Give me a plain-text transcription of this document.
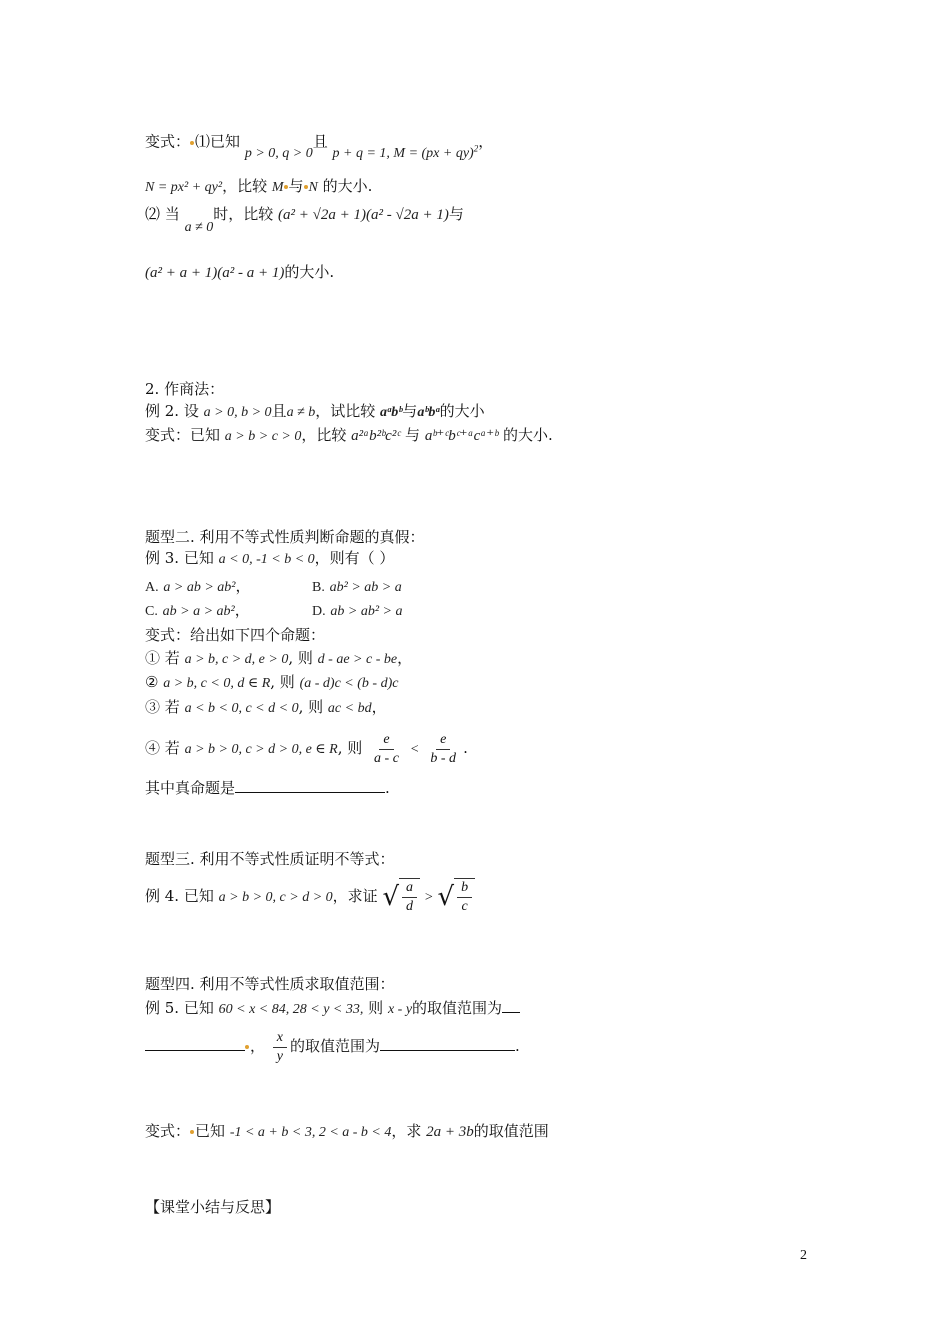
变式： ⑴已知 p > 0, q > 0且 p + q = 1, M = (px + qy)$^2$，
N = px² + qy²，比较 M 与 N 的大小.
⑵ 当 a ≠ 0时，比较 (a² + √2a + 1)(a² - √2a + 1)与
(a² + a + 1)(a² - a + 1)的大小.
2. 作商法：
例 2. 设 a > 0, b > 0且a ≠ b，试比较 aᵃbᵇ与aᵇbᵃ的大小
变式：已知 a > b > c > 0，比较 a²ᵃb²ᵇc²ᶜ 与 aᵇ⁺ᶜbᶜ⁺ᵃcᵃ⁺ᵇ 的大小.
题型二. 利用不等式性质判断命题的真假：
例 3. 已知 a < 0, -1 < b < 0，则有（ ）
A. a > ab > ab²，	B. ab² > ab > a
C. ab > a > ab²，	D. ab > ab² > a
变式：给出如下四个命题：
① 若 a > b, c > d, e > 0, 则 d - ae > c - be，
② a > b, c < 0, d ∈ R, 则 (a - d)c < (b - d)c
③ 若 a < b < 0, c < d < 0, 则 ac < bd，
④ 若 a > b > 0, c > d > 0, e ∈ R, 则 $\frac{e}{a - c} < \frac{e}{b - d}$ .
其中真命题是	.
题型三. 利用不等式性质证明不等式：
例 4. 已知 a > b > 0, c > d > 0，求证 √ $\frac{a}{d}$ > √ $\frac{b}{c}$
题型四. 利用不等式性质求取值范围：
例 5. 已知 60 < x < 84, 28 < y < 33, 则 x - y的取值范围为
， $\frac{x}{y}$ 的取值范围为	.
变式： 已知 -1 < a + b < 3, 2 < a - b < 4，求 2a + 3b的取值范围
【课堂小结与反思】
2
